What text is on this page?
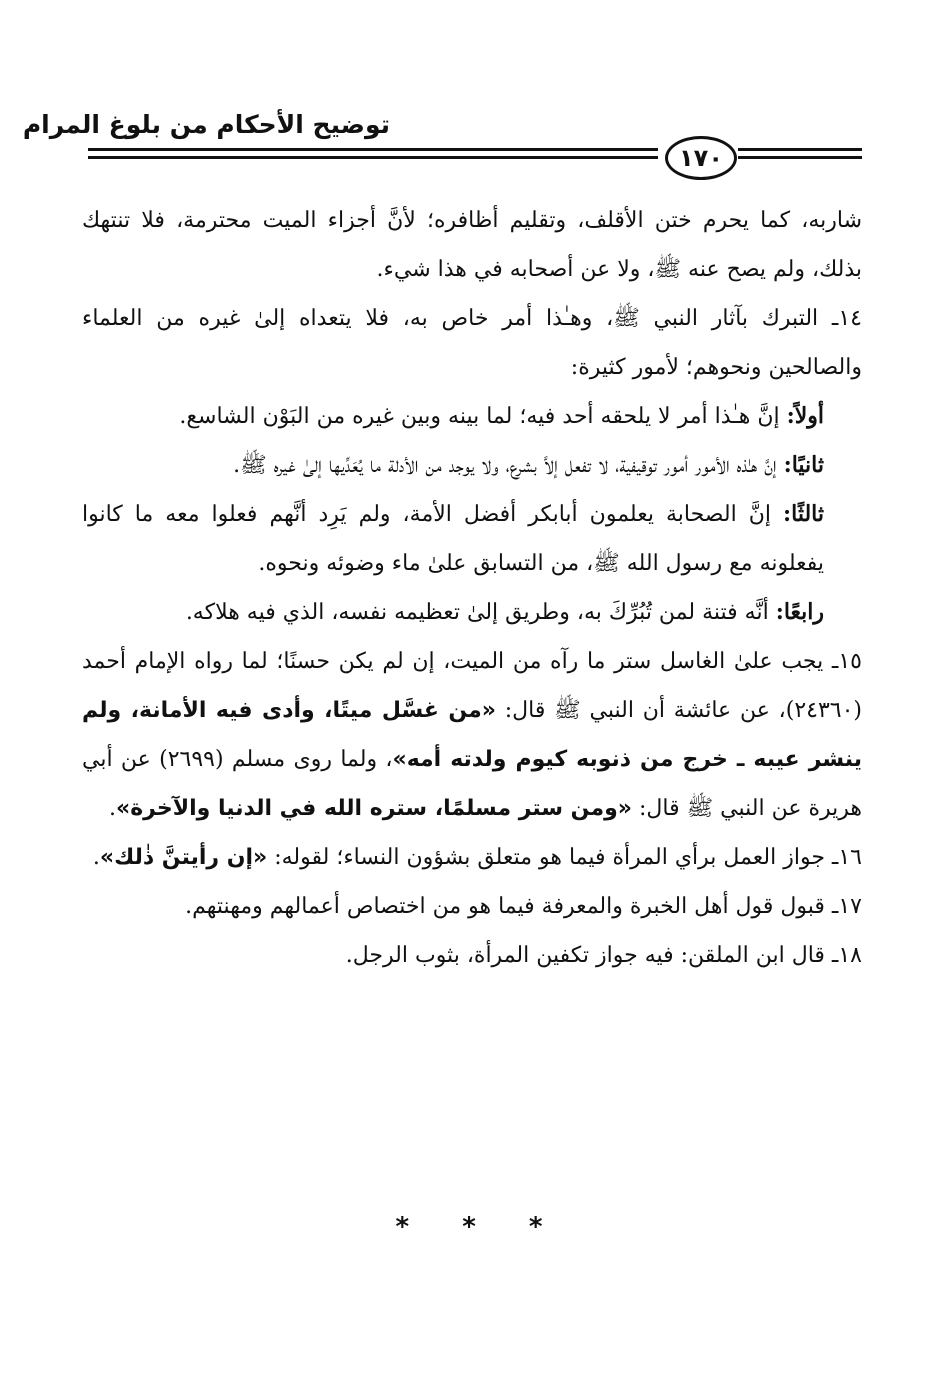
توضيح الأحكام من بلوغ المرام
١٧٠

شاربه، كما يحرم ختن الأقلف، وتقليم أظافره؛ لأنَّ أجزاء الميت محترمة، فلا تنتهك بذلك، ولم يصح عنه ﷺ، ولا عن أصحابه في هذا شيء.

١٤ـ التبرك بآثار النبي ﷺ، وهـٰذا أمر خاص به، فلا يتعداه إلىٰ غيره من العلماء والصالحين ونحوهم؛ لأمور كثيرة:

أولاً: إنَّ هـٰذا أمر لا يلحقه أحد فيه؛ لما بينه وبين غيره من البَوْن الشاسع.

ثانيًا: إنَّ هـٰذه الأمور أمور توقيفية، لا تفعل إلاَّ بشرع، ولا يوجد من الأدلة ما يُعَدِّيها إلىٰ غيره ﷺ.

ثالثًا: إنَّ الصحابة يعلمون أبابكر أفضل الأمة، ولم يَرِد أنَّهم فعلوا معه ما كانوا يفعلونه مع رسول الله ﷺ، من التسابق علىٰ ماء وضوئه ونحوه.

رابعًا: أنَّه فتنة لمن تُبُرِّكَ به، وطريق إلىٰ تعظيمه نفسه، الذي فيه هلاكه.

١٥ـ يجب علىٰ الغاسل ستر ما رآه من الميت، إن لم يكن حسنًا؛ لما رواه الإمام أحمد (٢٤٣٦٠)، عن عائشة أن النبي ﷺ قال: «من غسَّل ميتًا، وأدى فيه الأمانة، ولم ينشر عيبه ـ خرج من ذنوبه كيوم ولدته أمه»، ولما روى مسلم (٢٦٩٩) عن أبي هريرة عن النبي ﷺ قال: «ومن ستر مسلمًا، ستره الله في الدنيا والآخرة».

١٦ـ جواز العمل برأي المرأة فيما هو متعلق بشؤون النساء؛ لقوله: «إن رأيتنَّ ذٰلك».

١٧ـ قبول قول أهل الخبرة والمعرفة فيما هو من اختصاص أعمالهم ومهنتهم.

١٨ـ قال ابن الملقن: فيه جواز تكفين المرأة، بثوب الرجل.

* * *
